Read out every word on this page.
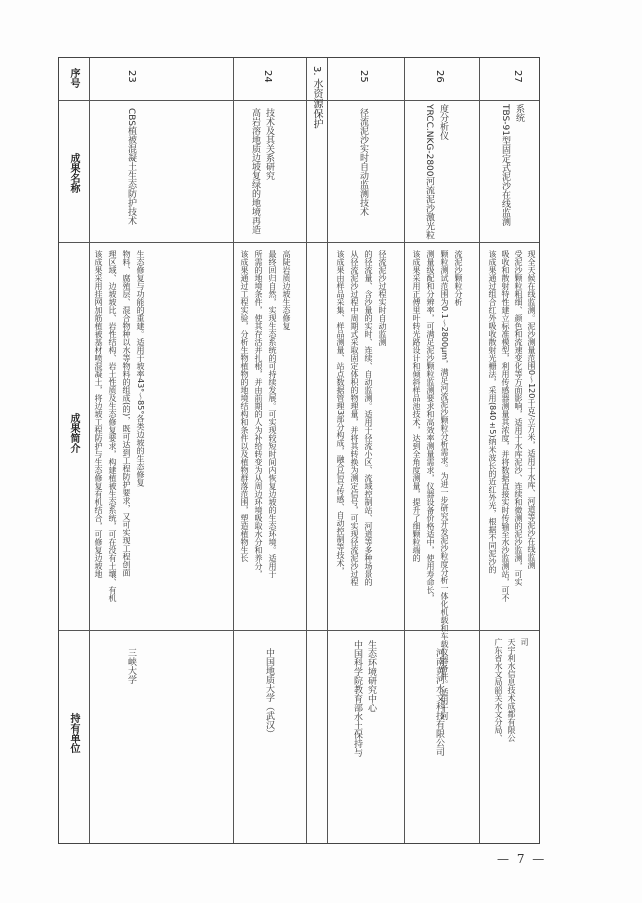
序号
成果名称
成果简介
持有单位
23
CBS植被混凝土生态防护技术
该成果采用挂网加筋植被基材喷混凝土，将边坡工程防护与生态修复有机结合，可修复边坡地 理区域、边坡坡比、岩性结构、岩土性质及生态修复要求，构建植被生态系统，可在没有土壤、有机 物料、腐殖层、混合物种以水等物料的组成(的)，既可达到工程防护要求，又可实现工程创面 生态修复与功能的重建。适用于坡率43°～85°各类边坡的生态修复
三峡大学
24
高岩溶地质边坡复绿的地境再造 技术及其关系研究
该成果通过工程实验，分析生物植物的地境结构和条件以及植物群落范围，塑造植物生长 所需的地境条件，使其存活并扎根，并由前期的人为补给转变为从周边环境吸取水分和养分， 最终回归自然，实现生态系统的可持续发展。可实现较短时间内恢复边坡的生态环境。适用于 高陡岩质边坡生态修复
中国地质大学（武汉）
3. 水资源保护	25
径流泥沙实时自动监测技术
该成果由样品采集、样品测量、站点数据管理3部分构成，融合信号传感、自动控制等技术， 从径流泥沙过程中周期式采取固定体积的物理量，并将其转换为测定信号，可实现径流泥沙过程 的径流量、含沙量的实时、连续、自动监测。适用于径流小区、流域控制站、河道等多种场景的 径流泥沙过程实时自动监测
中国科学院教育部水土保持与 生态环境研究中心
26
YRCC.NKG-2800河流泥沙激光粒 度分析仪
该成果采用正傅里叶转光路设计和倾斜样品池技术，达到全角度测量，提升了细颗粒端的 测量级配和分辨率，可满足泥沙颗粒监测要求和高效率测量需求，仪器设备价格适中，使用寿命长， 颗粒测试范围为0.1～2800μm，满足河流泥沙颗粒分析需求。为进一步研究开发泥沙粒度分析一体化机载和车载仪器备件。适用于河 流泥沙颗粒分析
河南黄河水文科技有限公司
27
TBS-91型固定式泥沙在线监测 系统
该成果通过组合红外吸收散射光栅法，采用(840±5)纳米波长的近红外光，根据不同泥沙的 吸收和散射特性建立标准模型，利用传感器测量其浓度，并将数据直接实时传输至水沙监测站，可不 受泥沙颗粒粗细、颜色和流速变化等方面影响，适用于水库泥沙、连续和微测的泥沙监测，可实 现全天候在线监测。泥沙测量范围0～120千克/立方米，适用于水库、河道等泥沙在线监测
广东省水文局韶关水文分局、 天宇利水信息技术成都有限公 司
— 7 —
